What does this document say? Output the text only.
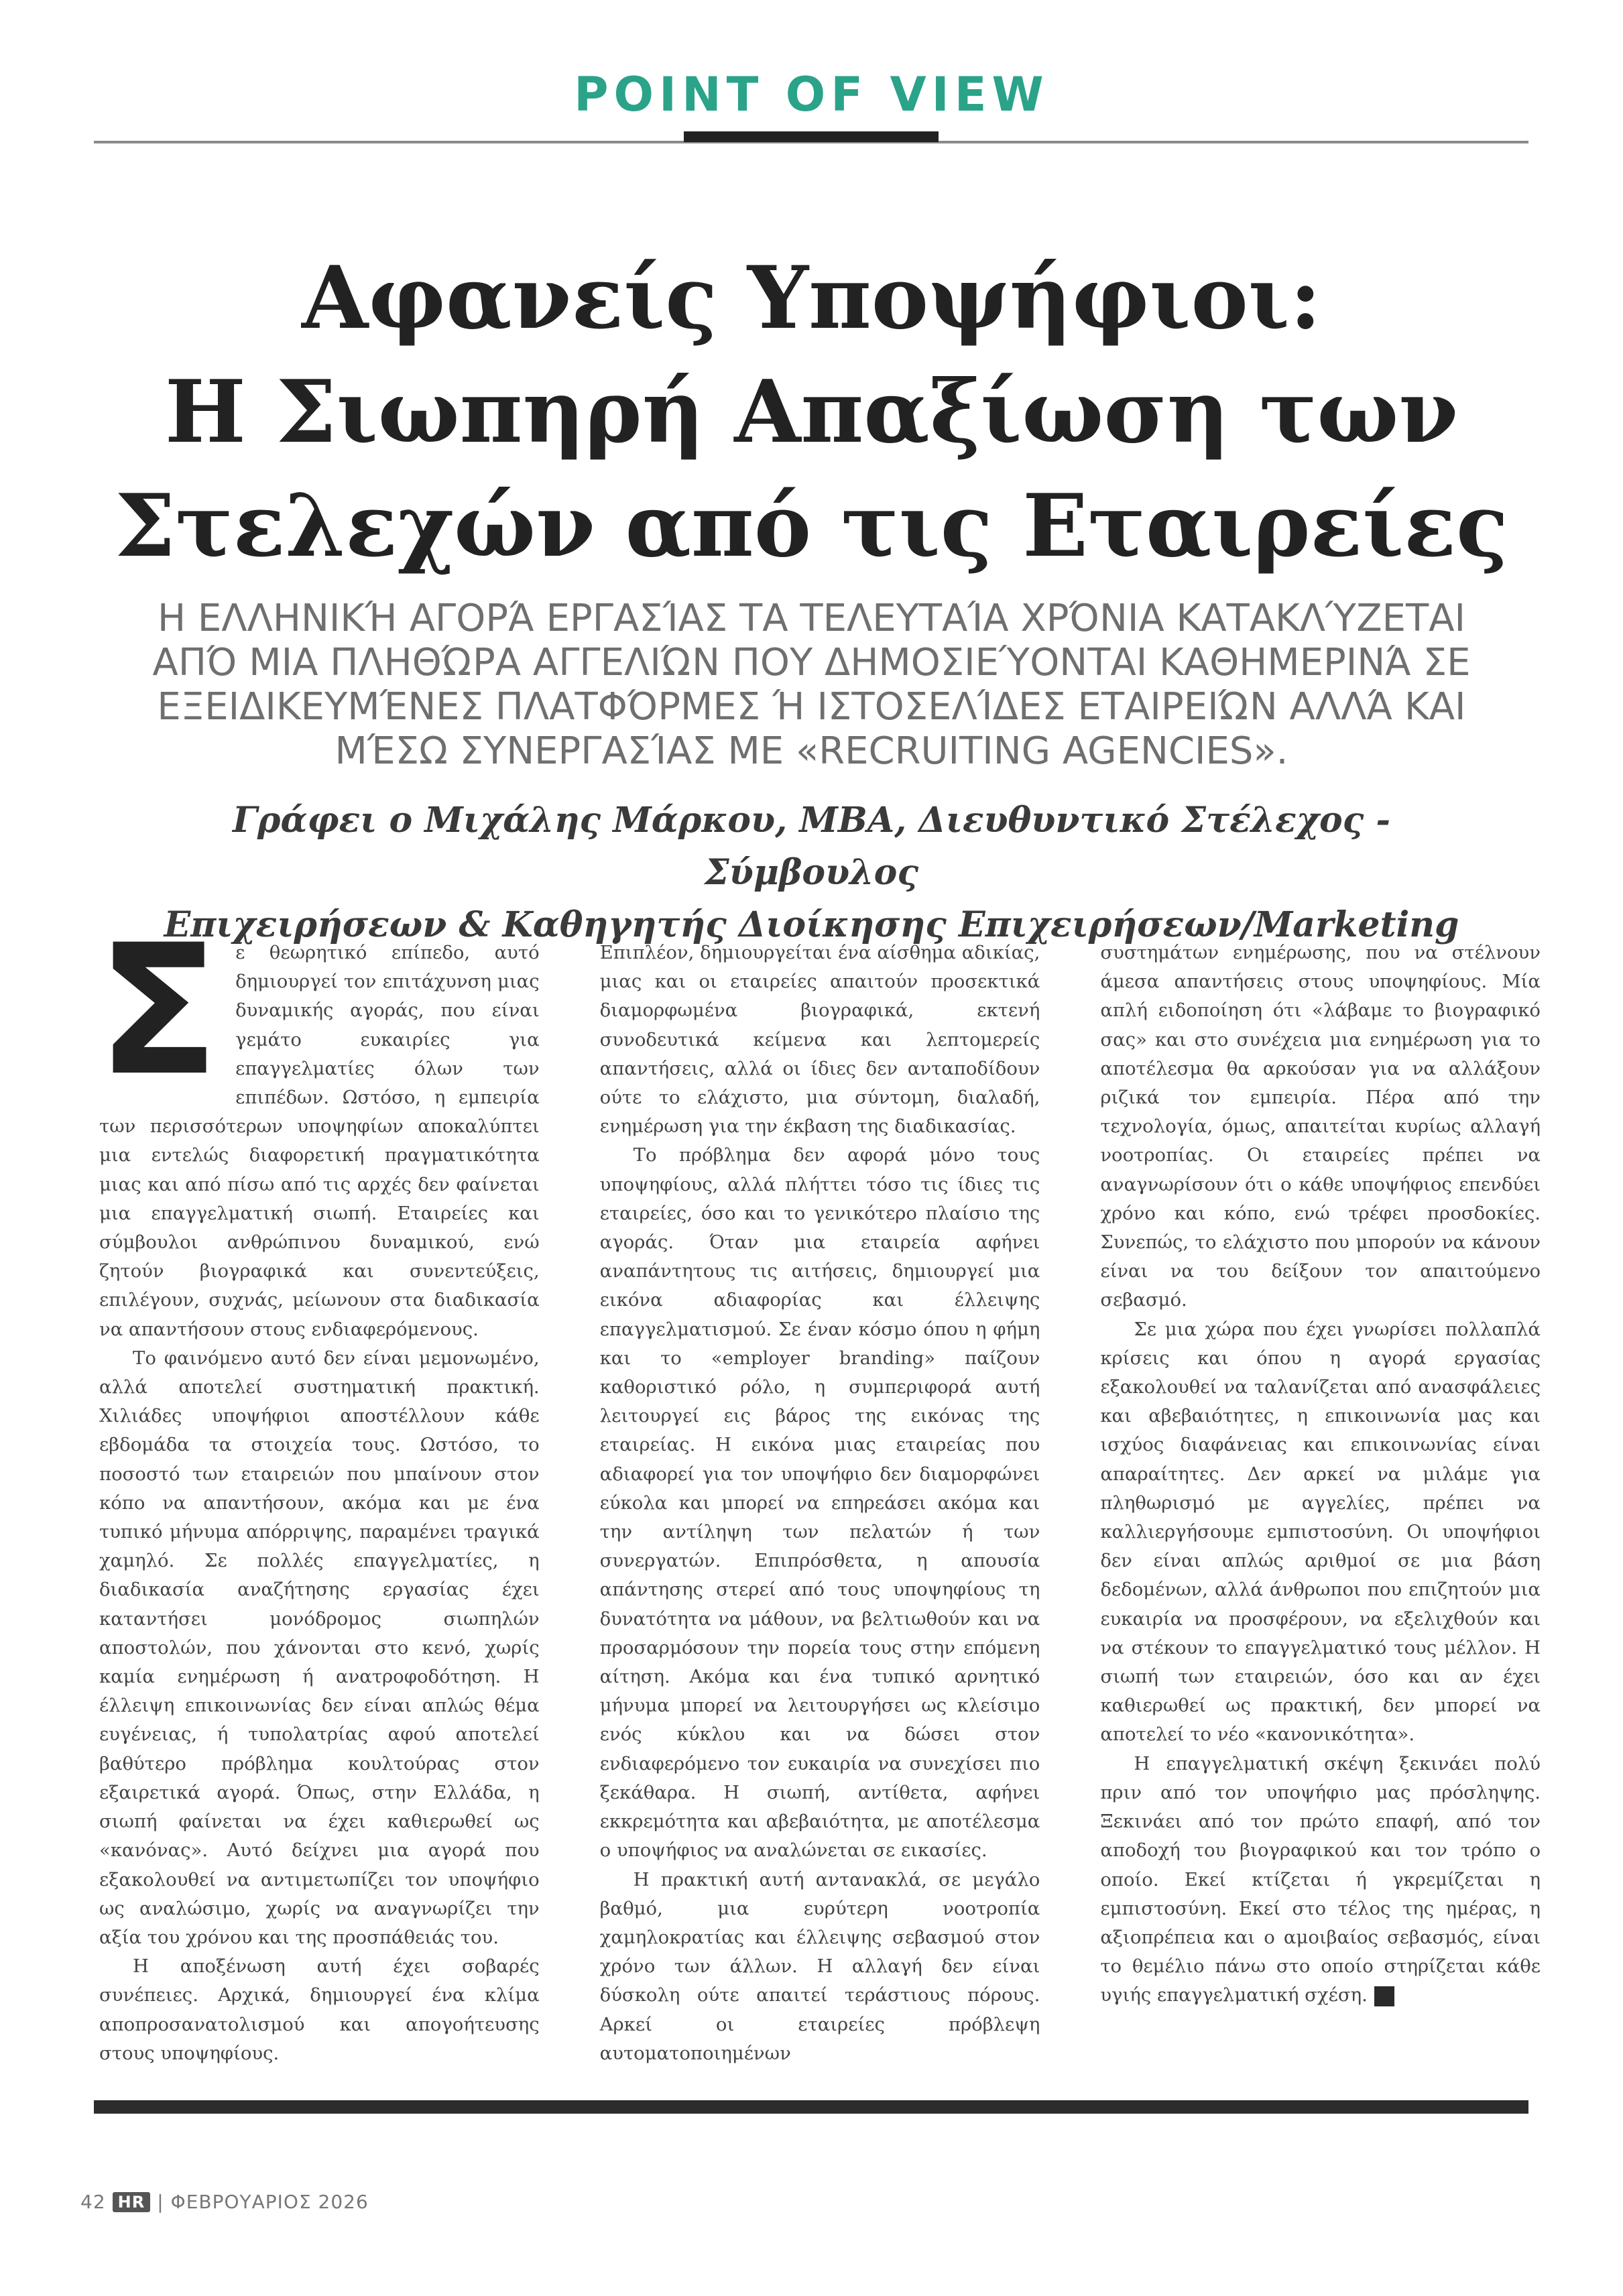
POINT OF VIEW
Αφανείς Υποψήφιοι:
Η Σιωπηρή Απαξίωση των
Στελεχών από τις Εταιρείες
Η ΕΛΛΗΝΙΚΉ ΑΓΟΡΆ ΕΡΓΑΣΊΑΣ ΤΑ ΤΕΛΕΥΤΑΊΑ ΧΡΌΝΙΑ ΚΑΤΑΚΛΎΖΕΤΑΙ ΑΠΌ ΜΙΑ ΠΛΗΘΏΡΑ ΑΓΓΕΛΙΏΝ ΠΟΥ ΔΗΜΟΣΙΕΎΟΝΤΑΙ ΚΑΘΗΜΕΡΙΝΆ ΣΕ ΕΞΕΙΔΙΚΕΥΜΈΝΕΣ ΠΛΑΤΦΌΡΜΕΣ Ή ΙΣΤΟΣΕΛΊΔΕΣ ΕΤΑΙΡΕΙΏΝ ΑΛΛΆ ΚΑΙ ΜΈΣΩ ΣΥΝΕΡΓΑΣΊΑΣ ΜΕ «RECRUITING AGENCIES».
Γράφει ο Μιχάλης Μάρκου, MBA, Διευθυντικό Στέλεχος - Σύμβουλος
Επιχειρήσεων & Καθηγητής Διοίκησης Επιχειρήσεων/Marketing
Σ ε θεωρητικό επίπεδο, αυτό δημιουργεί τον επιτάχυνση μιας δυναμικής αγοράς, που είναι γεμάτο ευκαιρίες για επαγγελματίες όλων των επιπέδων. Ωστόσο, η εμπειρία των περισσότερων υποψηφίων αποκαλύπτει μια εντελώς διαφορετική πραγματικότητα μιας και από πίσω από τις αρχές δεν φαίνεται μια επαγγελματική σιωπή. Εταιρείες και σύμβουλοι ανθρώπινου δυναμικού, ενώ ζητούν βιογραφικά και συνεντεύξεις, επιλέγουν, συχνάς, μείωνουν στα διαδικασία να απαντήσουν στους ενδιαφερόμενους.

Το φαινόμενο αυτό δεν είναι μεμονωμένο, αλλά αποτελεί συστηματική πρακτική. Χιλιάδες υποψήφιοι αποστέλλουν κάθε εβδομάδα τα στοιχεία τους. Ωστόσο, το ποσοστό των εταιρειών που μπαίνουν στον κόπο να απαντήσουν, ακόμα και με ένα τυπικό μήνυμα απόρριψης, παραμένει τραγικά χαμηλό. Σε πολλές επαγγελματίες, η διαδικασία αναζήτησης εργασίας έχει καταντήσει μονόδρομος σιωπηλών αποστολών, που χάνονται στο κενό, χωρίς καμία ενημέρωση ή ανατροφοδότηση. Η έλλειψη επικοινωνίας δεν είναι απλώς θέμα ευγένειας, ή τυπολατρίας αφού αποτελεί βαθύτερο πρόβλημα κουλτούρας στον εξαιρετικά αγορά. Όπως, στην Ελλάδα, η σιωπή φαίνεται να έχει καθιερωθεί ως «κανόνας». Αυτό δείχνει μια αγορά που εξακολουθεί να αντιμετωπίζει τον υποψήφιο ως αναλώσιμο, χωρίς να αναγνωρίζει την αξία του χρόνου και της προσπάθειάς του.

Η αποξένωση αυτή έχει σοβαρές συνέπειες. Αρχικά, δημιουργεί ένα κλίμα αποπροσανατολισμού και απογοήτευσης στους υποψηφίους.

Επιπλέον, δημιουργείται ένα αίσθημα αδικίας, μιας και οι εταιρείες απαιτούν προσεκτικά διαμορφωμένα βιογραφικά, εκτενή συνοδευτικά κείμενα και λεπτομερείς απαντήσεις, αλλά οι ίδιες δεν ανταποδίδουν ούτε το ελάχιστο, μια σύντομη, διαλαδή, ενημέρωση για την έκβαση της διαδικασίας.

Το πρόβλημα δεν αφορά μόνο τους υποψηφίους, αλλά πλήττει τόσο τις ίδιες τις εταιρείες, όσο και το γενικότερο πλαίσιο της αγοράς. Όταν μια εταιρεία αφήνει αναπάντητους τις αιτήσεις, δημιουργεί μια εικόνα αδιαφορίας και έλλειψης επαγγελματισμού. Σε έναν κόσμο όπου η φήμη και το «employer branding» παίζουν καθοριστικό ρόλο, η συμπεριφορά αυτή λειτουργεί εις βάρος της εικόνας της εταιρείας. Η εικόνα μιας εταιρείας που αδιαφορεί για τον υποψήφιο δεν διαμορφώνει εύκολα και μπορεί να επηρεάσει ακόμα και την αντίληψη των πελατών ή των συνεργατών. Επιπρόσθετα, η απουσία απάντησης στερεί από τους υποψηφίους τη δυνατότητα να μάθουν, να βελτιωθούν και να προσαρμόσουν την πορεία τους στην επόμενη αίτηση. Ακόμα και ένα τυπικό αρνητικό μήνυμα μπορεί να λειτουργήσει ως κλείσιμο ενός κύκλου και να δώσει στον ενδιαφερόμενο τον ευκαιρία να συνεχίσει πιο ξεκάθαρα. Η σιωπή, αντίθετα, αφήνει εκκρεμότητα και αβεβαιότητα, με αποτέλεσμα ο υποψήφιος να αναλώνεται σε εικασίες.

Η πρακτική αυτή αντανακλά, σε μεγάλο βαθμό, μια ευρύτερη νοοτροπία χαμηλοκρατίας και έλλειψης σεβασμού στον χρόνο των άλλων. Η αλλαγή δεν είναι δύσκολη ούτε απαιτεί τεράστιους πόρους. Αρκεί οι εταιρείες πρόβλεψη αυτοματοποιημένων

συστημάτων ενημέρωσης, που να στέλνουν άμεσα απαντήσεις στους υποψηφίους. Μία απλή ειδοποίηση ότι «λάβαμε το βιογραφικό σας» και στο συνέχεια μια ενημέρωση για το αποτέλεσμα θα αρκούσαν για να αλλάξουν ριζικά τον εμπειρία. Πέρα από την τεχνολογία, όμως, απαιτείται κυρίως αλλαγή νοοτροπίας. Οι εταιρείες πρέπει να αναγνωρίσουν ότι ο κάθε υποψήφιος επενδύει χρόνο και κόπο, ενώ τρέφει προσδοκίες. Συνεπώς, το ελάχιστο που μπορούν να κάνουν είναι να του δείξουν τον απαιτούμενο σεβασμό.

Σε μια χώρα που έχει γνωρίσει πολλαπλά κρίσεις και όπου η αγορά εργασίας εξακολουθεί να ταλανίζεται από ανασφάλειες και αβεβαιότητες, η επικοινωνία μας και ισχύος διαφάνειας και επικοινωνίας είναι απαραίτητες. Δεν αρκεί να μιλάμε για πληθωρισμό με αγγελίες, πρέπει να καλλιεργήσουμε εμπιστοσύνη. Οι υποψήφιοι δεν είναι απλώς αριθμοί σε μια βάση δεδομένων, αλλά άνθρωποι που επιζητούν μια ευκαιρία να προσφέρουν, να εξελιχθούν και να στέκουν το επαγγελματικό τους μέλλον. Η σιωπή των εταιρειών, όσο και αν έχει καθιερωθεί ως πρακτική, δεν μπορεί να αποτελεί το νέο «κανονικότητα».

Η επαγγελματική σκέψη ξεκινάει πολύ πριν από τον υποψήφιο μας πρόσληψης. Ξεκινάει από τον πρώτο επαφή, από τον αποδοχή του βιογραφικού και τον τρόπο ο οποίο. Εκεί κτίζεται ή γκρεμίζεται η εμπιστοσύνη. Εκεί στο τέλος της ημέρας, η αξιοπρέπεια και ο αμοιβαίος σεβασμός, είναι το θεμέλιο πάνω στο οποίο στηρίζεται κάθε υγιής επαγγελματική σχέση.

42 HR | ΦΕΒΡΟΥΑΡΙΟΣ 2026
